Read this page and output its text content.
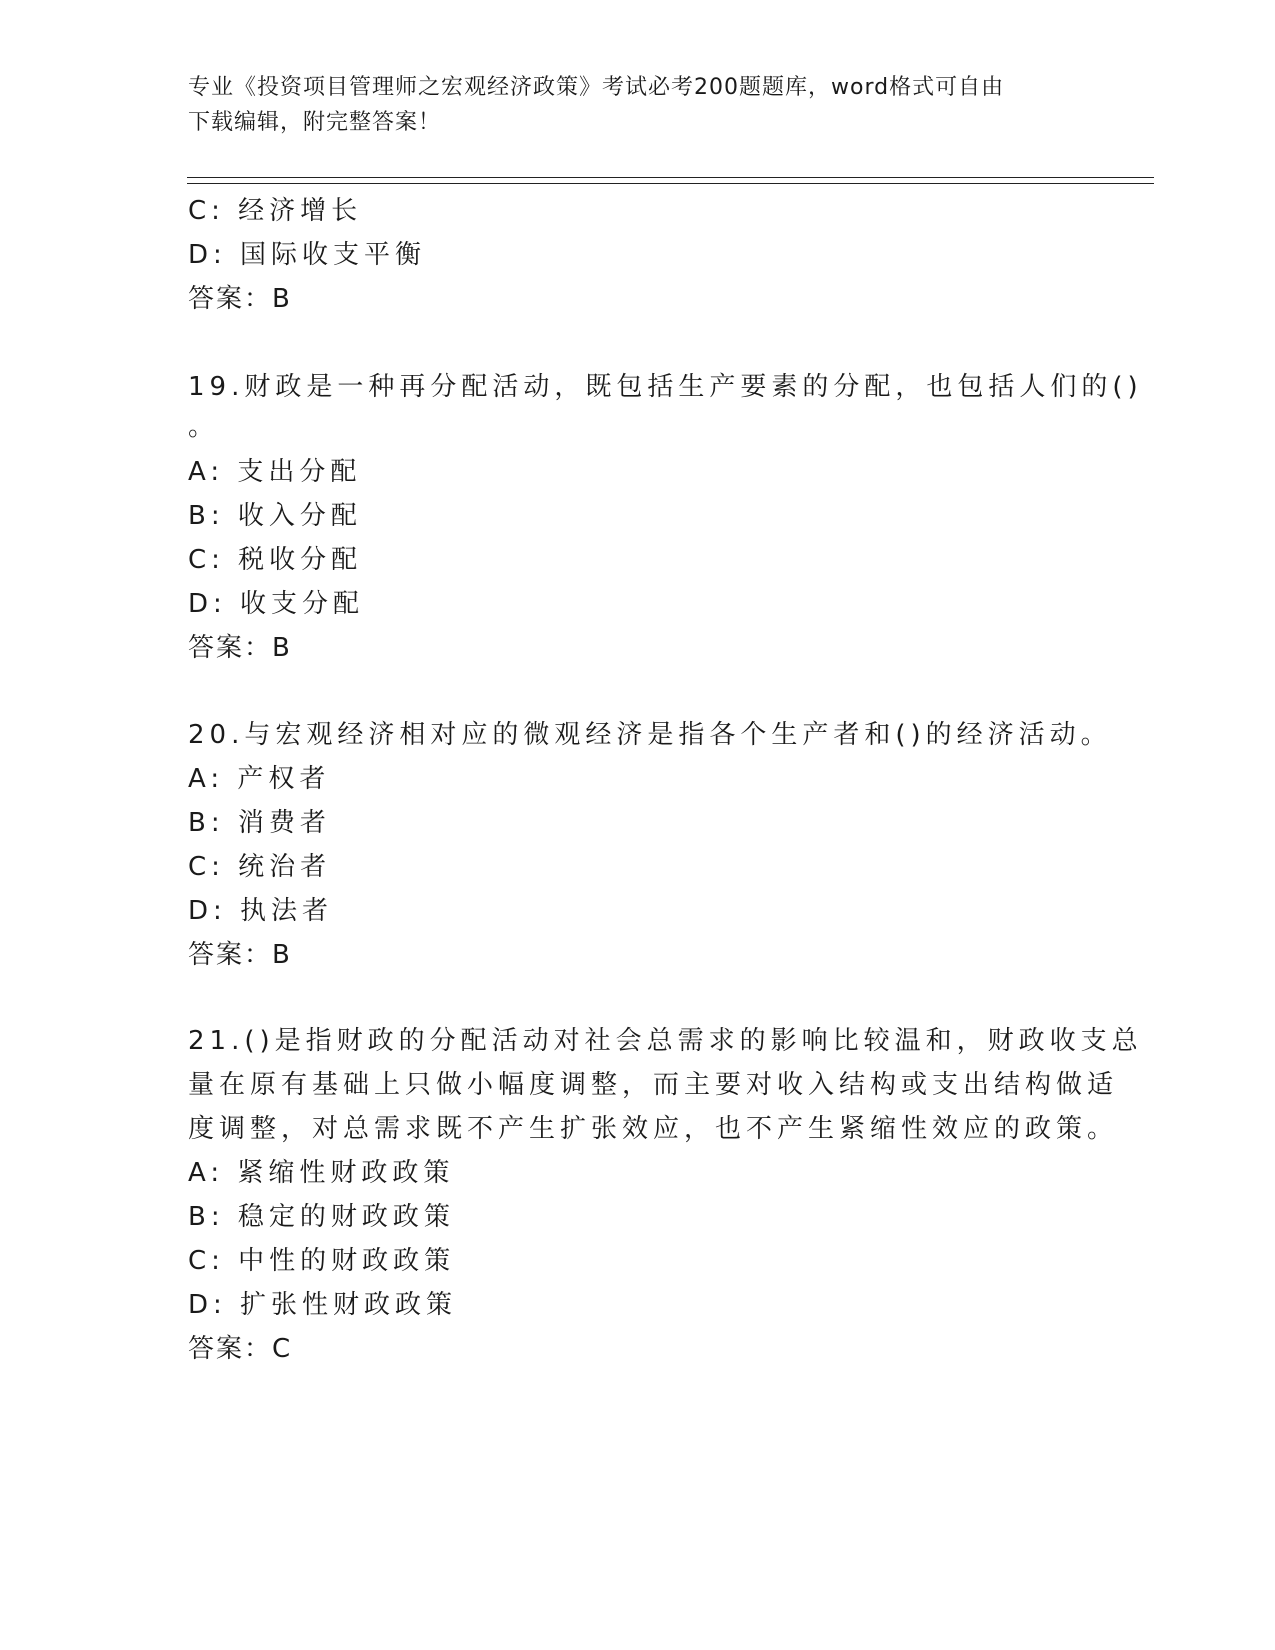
专业《投资项目管理师之宏观经济政策》考试必考200题题库，word格式可自由
下载编辑，附完整答案！
C: 经济增长
D: 国际收支平衡
答案：B
19.财政是一种再分配活动，既包括生产要素的分配，也包括人们的()
。
A: 支出分配
B: 收入分配
C: 税收分配
D: 收支分配
答案：B
20.与宏观经济相对应的微观经济是指各个生产者和()的经济活动。
A: 产权者
B: 消费者
C: 统治者
D: 执法者
答案：B
21.()是指财政的分配活动对社会总需求的影响比较温和，财政收支总
量在原有基础上只做小幅度调整，而主要对收入结构或支出结构做适
度调整，对总需求既不产生扩张效应，也不产生紧缩性效应的政策。
A: 紧缩性财政政策
B: 稳定的财政政策
C: 中性的财政政策
D: 扩张性财政政策
答案：C
